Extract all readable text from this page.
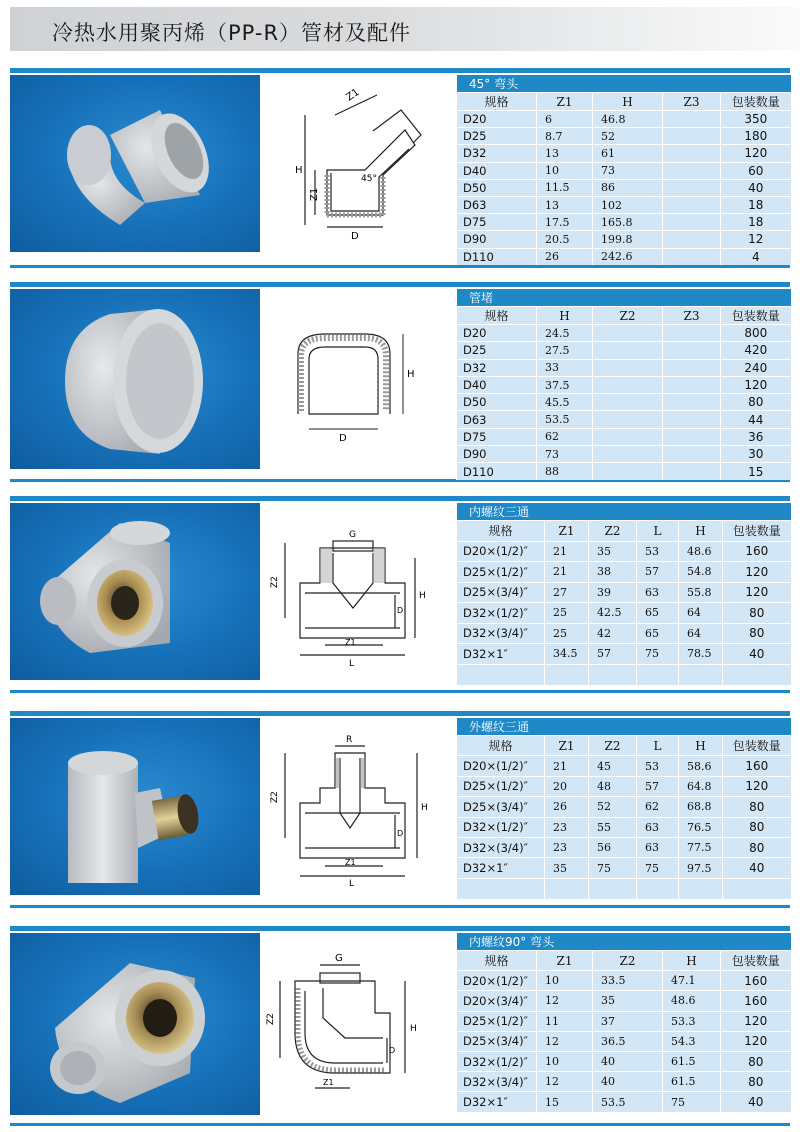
冷热水用聚丙烯（PP-R）管材及配件
H
Z1
Z1
45°
D
45° 弯头				
规格	Z1	H	Z3	包装数量
D20	6	46.8		350
D25	8.7	52		180
D32	13	61		120
D40	10	73		60
D50	11.5	86		40
D63	13	102		18
D75	17.5	165.8		18
D90	20.5	199.8		12
D110	26	242.6		4
H
D
管堵				
规格	H	Z2	Z3	包装数量
D20	24.5			800
D25	27.5			420
D32	33			240
D40	37.5			120
D50	45.5			80
D63	53.5			44
D75	62			36
D90	73			30
D110	88			15
G
Z2
H
D
Z1
L
内螺纹三通					
规格	Z1	Z2	L	H	包装数量
D20×(1/2)″	21	35	53	48.6	160
D25×(1/2)″	21	38	57	54.8	120
D25×(3/4)″	27	39	63	55.8	120
D32×(1/2)″	25	42.5	65	64	80
D32×(3/4)″	25	42	65	64	80
D32×1″	34.5	57	75	78.5	40

R
Z2
H
D
Z1
L
外螺纹三通					
规格	Z1	Z2	L	H	包装数量
D20×(1/2)″	21	45	53	58.6	160
D25×(1/2)″	20	48	57	64.8	120
D25×(3/4)″	26	52	62	68.8	80
D32×(1/2)″	23	55	63	76.5	80
D32×(3/4)″	23	56	63	77.5	80
D32×1″	35	75	75	97.5	40

G
Z2
H
D
Z1
内螺纹90° 弯头				
规格	Z1	Z2	H	包装数量
D20×(1/2)″	10	33.5	47.1	160
D20×(3/4)″	12	35	48.6	160
D25×(1/2)″	11	37	53.3	120
D25×(3/4)″	12	36.5	54.3	120
D32×(1/2)″	10	40	61.5	80
D32×(3/4)″	12	40	61.5	80
D32×1″	15	53.5	75	40
